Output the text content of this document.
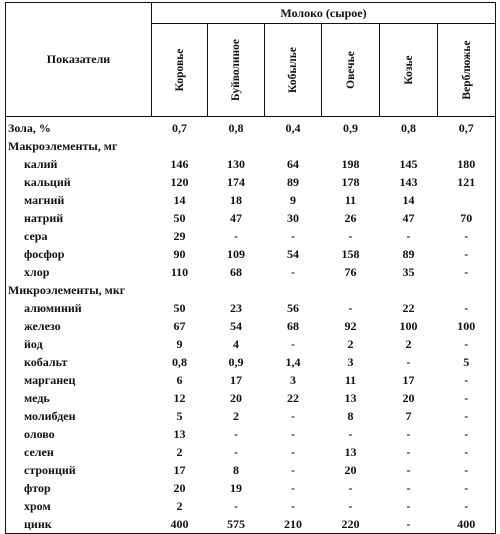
Показатели	Молоко (сырое)					

	Коровье	Буйволиное	Кобылье	Овечье	Козье	Верблюжье

Зола, %	0,7	0,8	0,4	0,9	0,8	0,7
Макроэлементы, мг						
калий	146	130	64	198	145	180
кальций	120	174	89	178	143	121
магний	14	18	9	11	14	
натрий	50	47	30	26	47	70
сера	29	-	-	-	-	-
фосфор	90	109	54	158	89	-
хлор	110	68	-	76	35	-
Микроэлементы, мкг						
алюминий	50	23	56	-	22	-
железо	67	54	68	92	100	100
йод	9	4	-	2	2	-
кобальт	0,8	0,9	1,4	3	-	5
марганец	6	17	3	11	17	-
медь	12	20	22	13	20	-
молибден	5	2	-	8	7	-
олово	13	-	-	-	-	-
селен	2	-	-	13	-	-
стронций	17	8	-	20	-	-
фтор	20	19	-	-	-	-
хром	2	-	-	-	-	-
цинк	400	575	210	220	-	400
